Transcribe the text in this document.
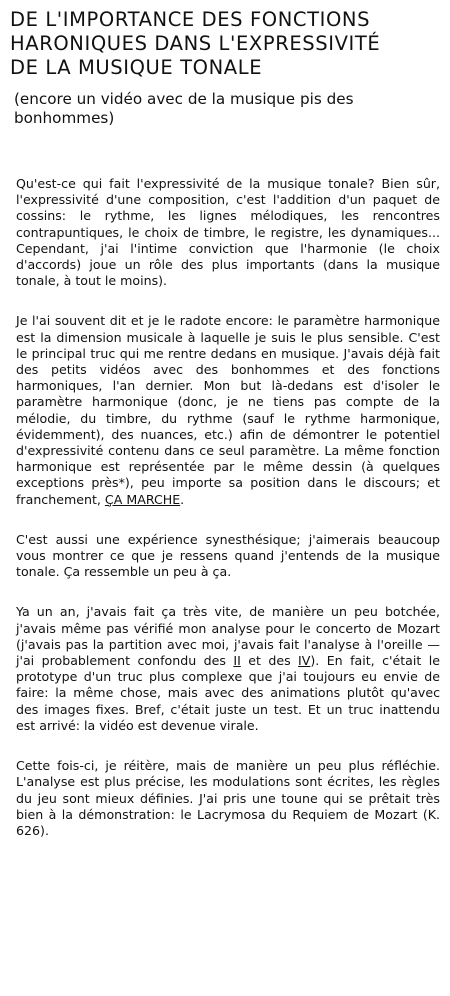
DE L'IMPORTANCE DES FONCTIONS
HARONIQUES DANS L'EXPRESSIVITÉ
DE LA MUSIQUE TONALE
(encore un vidéo avec de la musique pis des bonhommes)

Qu'est-ce qui fait l'expressivité de la musique tonale? Bien sûr, l'expressivité d'une composition, c'est l'addition d'un paquet de cossins: le rythme, les lignes mélodiques, les rencontres contrapuntiques, le choix de timbre, le registre, les dynamiques... Cependant, j'ai l'intime conviction que l'harmonie (le choix d'accords) joue un rôle des plus importants (dans la musique tonale, à tout le moins).

Je l'ai souvent dit et je le radote encore: le paramètre harmonique est la dimension musicale à laquelle je suis le plus sensible. C'est le principal truc qui me rentre dedans en musique. J'avais déjà fait des petits vidéos avec des bonhommes et des fonctions harmoniques, l'an dernier. Mon but là-dedans est d'isoler le paramètre harmonique (donc, je ne tiens pas compte de la mélodie, du timbre, du rythme (sauf le rythme harmonique, évidemment), des nuances, etc.) afin de démontrer le potentiel d'expressivité contenu dans ce seul paramètre. La même fonction harmonique est représentée par le même dessin (à quelques exceptions près*), peu importe sa position dans le discours; et franchement, ÇA MARCHE.

C'est aussi une expérience synesthésique; j'aimerais beaucoup vous montrer ce que je ressens quand j'entends de la musique tonale. Ça ressemble un peu à ça.

Ya un an, j'avais fait ça très vite, de manière un peu botchée, j'avais même pas vérifié mon analyse pour le concerto de Mozart (j'avais pas la partition avec moi, j'avais fait l'analyse à l'oreille — j'ai probablement confondu des II et des IV). En fait, c'était le prototype d'un truc plus complexe que j'ai toujours eu envie de faire: la même chose, mais avec des animations plutôt qu'avec des images fixes. Bref, c'était juste un test. Et un truc inattendu est arrivé: la vidéo est devenue virale.

Cette fois-ci, je réitère, mais de manière un peu plus réfléchie. L'analyse est plus précise, les modulations sont écrites, les règles du jeu sont mieux définies. J'ai pris une toune qui se prêtait très bien à la démonstration: le Lacrymosa du Requiem de Mozart (K. 626).
